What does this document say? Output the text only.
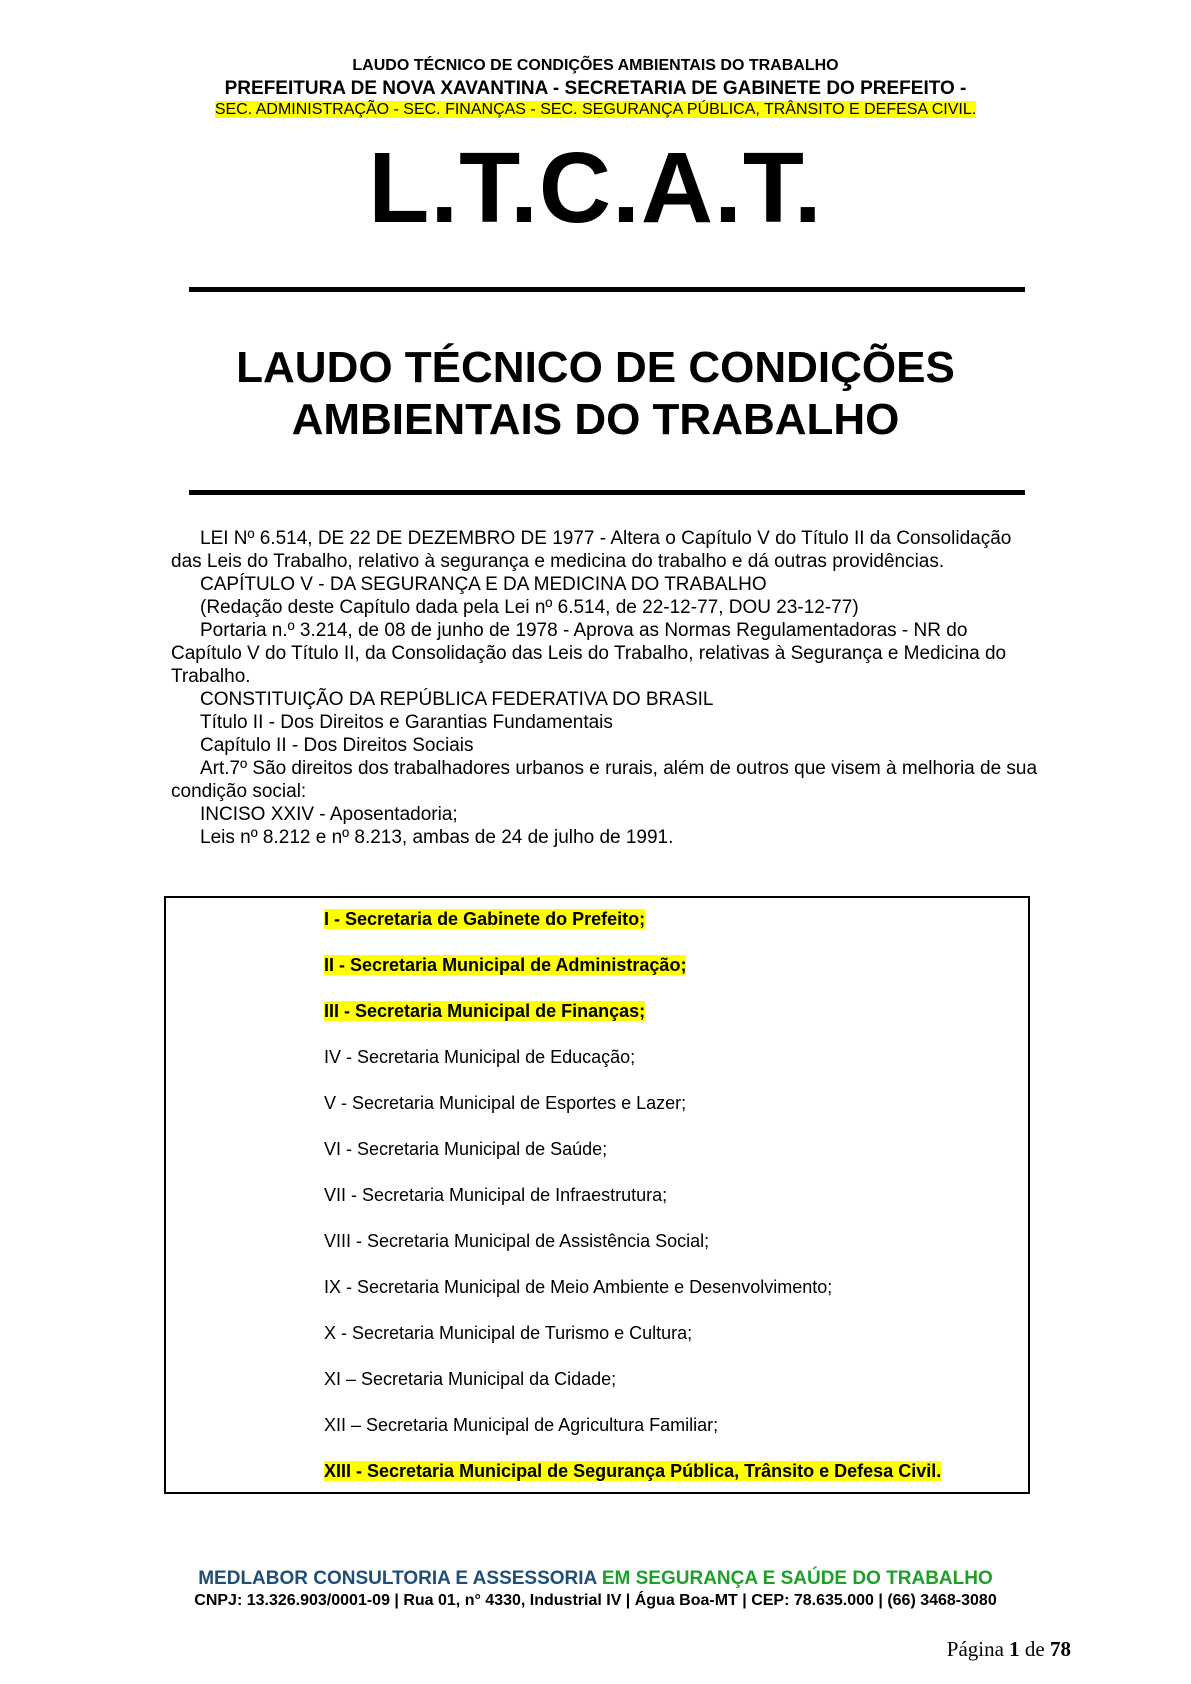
LAUDO TÉCNICO DE CONDIÇÕES AMBIENTAIS DO TRABALHO
PREFEITURA DE NOVA XAVANTINA - SECRETARIA DE GABINETE DO PREFEITO -
SEC. ADMINISTRAÇÃO - SEC. FINANÇAS - SEC. SEGURANÇA PÚBLICA, TRÂNSITO E DEFESA CIVIL.
L.T.C.A.T.
LAUDO TÉCNICO DE CONDIÇÕES
AMBIENTAIS DO TRABALHO

LEI Nº 6.514, DE 22 DE DEZEMBRO DE 1977 - Altera o Capítulo V do Título II da Consolidação das Leis do Trabalho, relativo à segurança e medicina do trabalho e dá outras providências.

CAPÍTULO V - DA SEGURANÇA E DA MEDICINA DO TRABALHO

(Redação deste Capítulo dada pela Lei nº 6.514, de 22-12-77, DOU 23-12-77)

Portaria n.º 3.214, de 08 de junho de 1978 - Aprova as Normas Regulamentadoras - NR do Capítulo V do Título II, da Consolidação das Leis do Trabalho, relativas à Segurança e Medicina do Trabalho.

CONSTITUIÇÃO DA REPÚBLICA FEDERATIVA DO BRASIL

Título II - Dos Direitos e Garantias Fundamentais

Capítulo II - Dos Direitos Sociais

Art.7º São direitos dos trabalhadores urbanos e rurais, além de outros que visem à melhoria de sua condição social:

INCISO XXIV - Aposentadoria;

Leis nº 8.212 e nº 8.213, ambas de 24 de julho de 1991.

I - Secretaria de Gabinete do Prefeito;
II - Secretaria Municipal de Administração;
III - Secretaria Municipal de Finanças;
IV - Secretaria Municipal de Educação;
V - Secretaria Municipal de Esportes e Lazer;
VI - Secretaria Municipal de Saúde;
VII - Secretaria Municipal de Infraestrutura;
VIII - Secretaria Municipal de Assistência Social;
IX - Secretaria Municipal de Meio Ambiente e Desenvolvimento;
X - Secretaria Municipal de Turismo e Cultura;
XI – Secretaria Municipal da Cidade;
XII – Secretaria Municipal de Agricultura Familiar;
XIII - Secretaria Municipal de Segurança Pública, Trânsito e Defesa Civil.
MEDLABOR CONSULTORIA E ASSESSORIA EM SEGURANÇA E SAÚDE DO TRABALHO
CNPJ: 13.326.903/0001-09 | Rua 01, n° 4330, Industrial IV | Água Boa-MT | CEP: 78.635.000 | (66) 3468-3080
Página 1 de 78
